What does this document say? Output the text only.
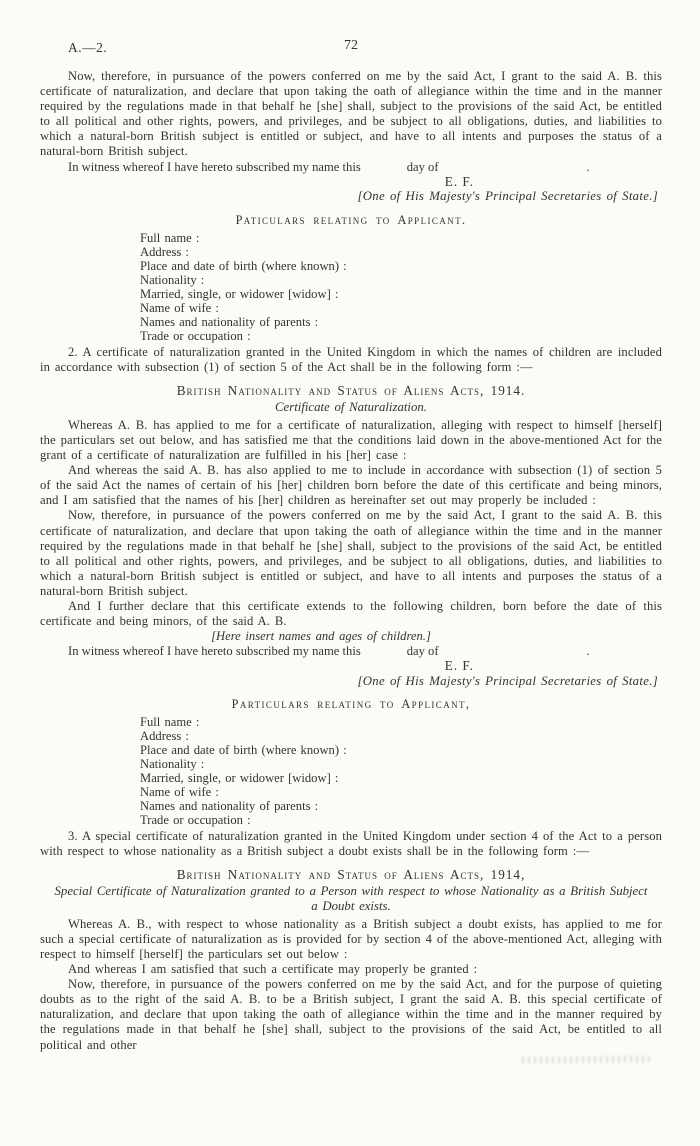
A.—2.	72

Now, therefore, in pursuance of the powers conferred on me by the said Act, I grant to the said A. B. this certificate of naturalization, and declare that upon taking the oath of allegiance within the time and in the manner required by the regulations made in that behalf he [she] shall, subject to the provisions of the said Act, be entitled to all political and other rights, powers, and privileges, and be subject to all obligations, duties, and liabilities to which a natural-born British subject is entitled or subject, and have to all intents and purposes the status of a natural-born British subject.

In witness whereof I have hereto subscribed my name this	day of	.

E. F.
[One of His Majesty's Principal Secretaries of State.]
Paticulars relating to Applicant.
Full name :
Address :
Place and date of birth (where known) :
Nationality :
Married, single, or widower [widow] :
Name of wife :
Names and nationality of parents :
Trade or occupation :

2. A certificate of naturalization granted in the United Kingdom in which the names of children are included in accordance with subsection (1) of section 5 of the Act shall be in the following form :—

British Nationality and Status of Aliens Acts, 1914.
Certificate of Naturalization.

Whereas A. B. has applied to me for a certificate of naturalization, alleging with respect to himself [herself] the particulars set out below, and has satisfied me that the conditions laid down in the above-mentioned Act for the grant of a certificate of naturalization are fulfilled in his [her] case :

And whereas the said A. B. has also applied to me to include in accordance with subsection (1) of section 5 of the said Act the names of certain of his [her] children born before the date of this certificate and being minors, and I am satisfied that the names of his [her] children as hereinafter set out may properly be included :

Now, therefore, in pursuance of the powers conferred on me by the said Act, I grant to the said A. B. this certificate of naturalization, and declare that upon taking the oath of allegiance within the time and in the manner required by the regulations made in that behalf he [she] shall, subject to the provisions of the said Act, be entitled to all political and other rights, powers, and privileges, and be subject to all obligations, duties, and liabilities to which a natural-born British subject is entitled or subject, and have to all intents and purposes the status of a natural-born British subject.

And I further declare that this certificate extends to the following children, born before the date of this certificate and being minors, of the said A. B.

[Here insert names and ages of children.]

In witness whereof I have hereto subscribed my name this	day of	.

E. F.
[One of His Majesty's Principal Secretaries of State.]
Particulars relating to Applicant,
Full name :
Address :
Place and date of birth (where known) :
Nationality :
Married, single, or widower [widow] :
Name of wife :
Names and nationality of parents :
Trade or occupation :

3. A special certificate of naturalization granted in the United Kingdom under section 4 of the Act to a person with respect to whose nationality as a British subject a doubt exists shall be in the following form :—

British Nationality and Status of Aliens Acts, 1914,
Special Certificate of Naturalization granted to a Person with respect to whose Nationality as a British Subject a Doubt exists.

Whereas A. B., with respect to whose nationality as a British subject a doubt exists, has applied to me for such a special certificate of naturalization as is provided for by section 4 of the above-mentioned Act, alleging with respect to himself [herself] the particulars set out below :

And whereas I am satisfied that such a certificate may properly be granted :

Now, therefore, in pursuance of the powers conferred on me by the said Act, and for the purpose of quieting doubts as to the right of the said A. B. to be a British subject, I grant the said A. B. this special certificate of naturalization, and declare that upon taking the oath of allegiance within the time and in the manner required by the regulations made in that behalf he [she] shall, subject to the provisions of the said Act, be entitled to all political and other
